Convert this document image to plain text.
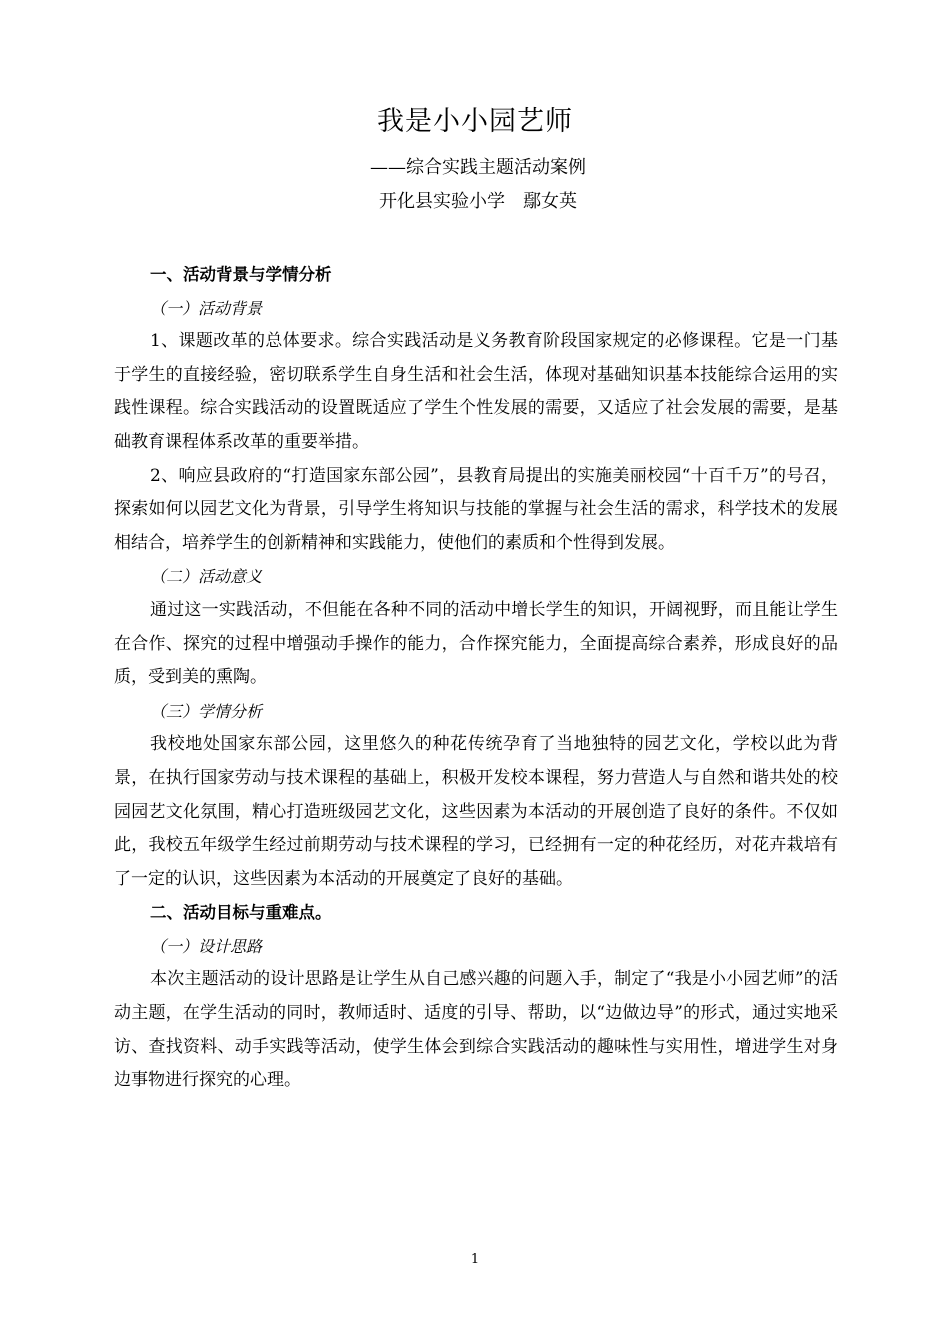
我是小小园艺师
——综合实践主题活动案例
开化县实验小学　鄢女英

一、活动背景与学情分析

（一）活动背景

1、课题改革的总体要求。综合实践活动是义务教育阶段国家规定的必修课程。它是一门基于学生的直接经验，密切联系学生自身生活和社会生活，体现对基础知识基本技能综合运用的实践性课程。综合实践活动的设置既适应了学生个性发展的需要，又适应了社会发展的需要，是基础教育课程体系改革的重要举措。

2、响应县政府的“打造国家东部公园”，县教育局提出的实施美丽校园“十百千万”的号召，探索如何以园艺文化为背景，引导学生将知识与技能的掌握与社会生活的需求，科学技术的发展相结合，培养学生的创新精神和实践能力，使他们的素质和个性得到发展。

（二）活动意义

通过这一实践活动，不但能在各种不同的活动中增长学生的知识，开阔视野，而且能让学生在合作、探究的过程中增强动手操作的能力，合作探究能力，全面提高综合素养，形成良好的品质，受到美的熏陶。

（三）学情分析

我校地处国家东部公园，这里悠久的种花传统孕育了当地独特的园艺文化，学校以此为背景，在执行国家劳动与技术课程的基础上，积极开发校本课程，努力营造人与自然和谐共处的校园园艺文化氛围，精心打造班级园艺文化，这些因素为本活动的开展创造了良好的条件。不仅如此，我校五年级学生经过前期劳动与技术课程的学习，已经拥有一定的种花经历，对花卉栽培有了一定的认识，这些因素为本活动的开展奠定了良好的基础。

二、活动目标与重难点。

（一）设计思路

本次主题活动的设计思路是让学生从自己感兴趣的问题入手，制定了“我是小小园艺师”的活动主题，在学生活动的同时，教师适时、适度的引导、帮助，以“边做边导”的形式，通过实地采访、查找资料、动手实践等活动，使学生体会到综合实践活动的趣味性与实用性，增进学生对身边事物进行探究的心理。

1
